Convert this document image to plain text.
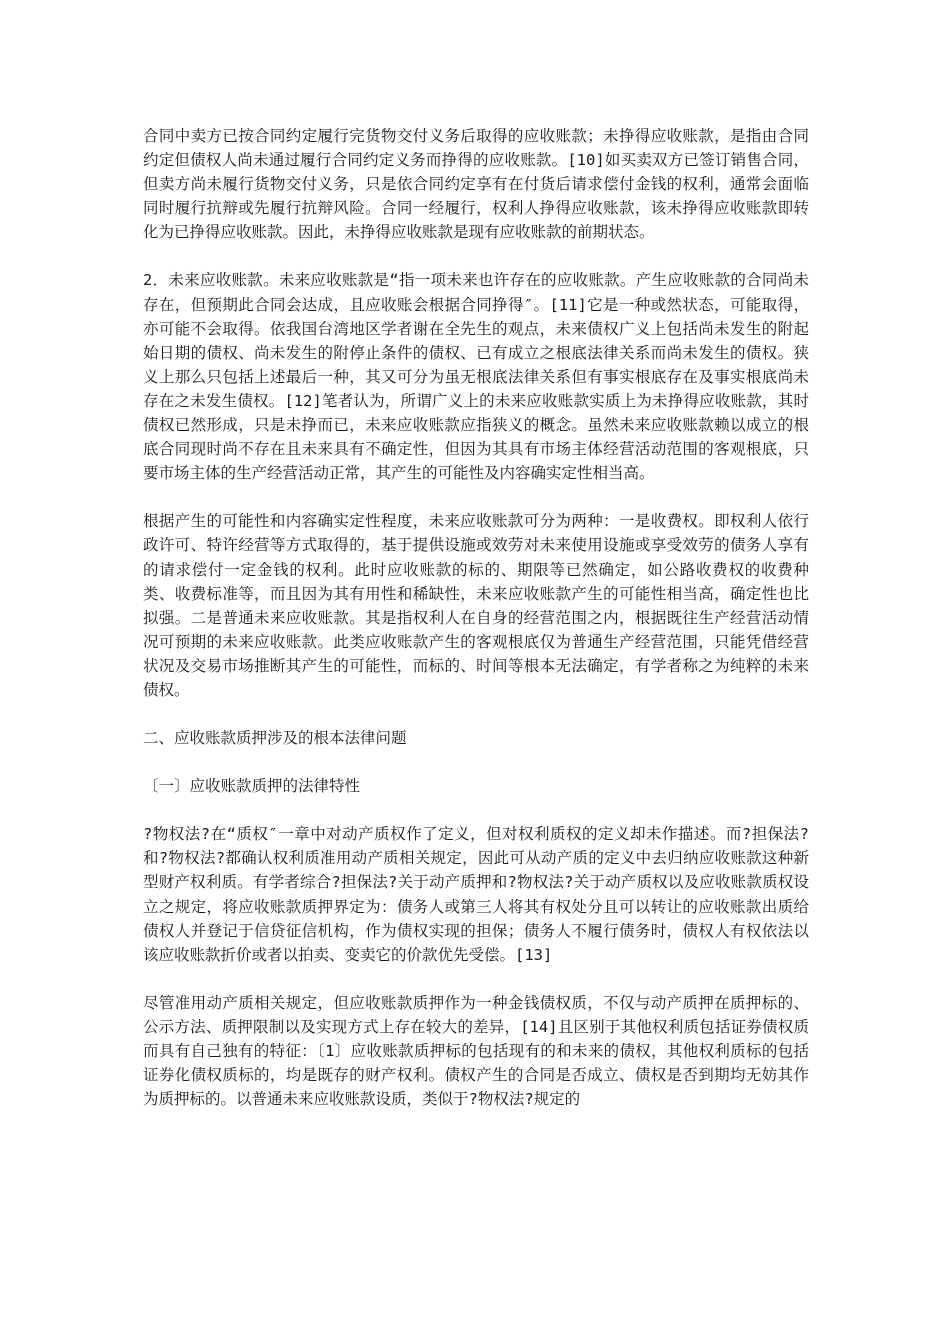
合同中卖方已按合同约定履行完货物交付义务后取得的应收账款；未挣得应收账款，是指由合同约定但债权人尚未通过履行合同约定义务而挣得的应收账款。[10]如买卖双方已签订销售合同，但卖方尚未履行货物交付义务，只是依合同约定享有在付货后请求偿付金钱的权利，通常会面临同时履行抗辩或先履行抗辩风险。合同一经履行，权利人挣得应收账款，该未挣得应收账款即转化为已挣得应收账款。因此，未挣得应收账款是现有应收账款的前期状态。

2．未来应收账款。未来应收账款是“指一项未来也许存在的应收账款。产生应收账款的合同尚未存在，但预期此合同会达成，且应收账会根据合同挣得″。[11]它是一种或然状态，可能取得，亦可能不会取得。依我国台湾地区学者谢在全先生的观点，未来债权广义上包括尚未发生的附起始日期的债权、尚未发生的附停止条件的债权、已有成立之根底法律关系而尚未发生的债权。狭义上那么只包括上述最后一种，其又可分为虽无根底法律关系但有事实根底存在及事实根底尚未存在之未发生债权。[12]笔者认为，所谓广义上的未来应收账款实质上为未挣得应收账款，其时债权已然形成，只是未挣而已，未来应收账款应指狭义的概念。虽然未来应收账款赖以成立的根底合同现时尚不存在且未来具有不确定性，但因为其具有市场主体经营活动范围的客观根底，只要市场主体的生产经营活动正常，其产生的可能性及内容确实定性相当高。

根据产生的可能性和内容确实定性程度，未来应收账款可分为两种：一是收费权。即权利人依行政许可、特许经营等方式取得的，基于提供设施或效劳对未来使用设施或享受效劳的债务人享有的请求偿付一定金钱的权利。此时应收账款的标的、期限等已然确定，如公路收费权的收费种类、收费标准等，而且因为其有用性和稀缺性，未来应收账款产生的可能性相当高，确定性也比拟强。二是普通未来应收账款。其是指权利人在自身的经营范围之内，根据既往生产经营活动情况可预期的未来应收账款。此类应收账款产生的客观根底仅为普通生产经营范围，只能凭借经营状况及交易市场推断其产生的可能性，而标的、时间等根本无法确定，有学者称之为纯粹的未来债权。

二、应收账款质押涉及的根本法律问题

〔一〕应收账款质押的法律特性

?物权法?在“质权″一章中对动产质权作了定义，但对权利质权的定义却未作描述。而?担保法?和?物权法?都确认权利质准用动产质相关规定，因此可从动产质的定义中去归纳应收账款这种新型财产权利质。有学者综合?担保法?关于动产质押和?物权法?关于动产质权以及应收账款质权设立之规定，将应收账款质押界定为：债务人或第三人将其有权处分且可以转让的应收账款出质给债权人并登记于信贷征信机构，作为债权实现的担保；债务人不履行债务时，债权人有权依法以该应收账款折价或者以拍卖、变卖它的价款优先受偿。[13]

尽管准用动产质相关规定，但应收账款质押作为一种金钱债权质，不仅与动产质押在质押标的、公示方法、质押限制以及实现方式上存在较大的差异，[14]且区别于其他权利质包括证券债权质而具有自己独有的特征：〔1〕应收账款质押标的包括现有的和未来的债权，其他权利质标的包括证券化债权质标的，均是既存的财产权利。债权产生的合同是否成立、债权是否到期均无妨其作为质押标的。以普通未来应收账款设质，类似于?物权法?规定的
